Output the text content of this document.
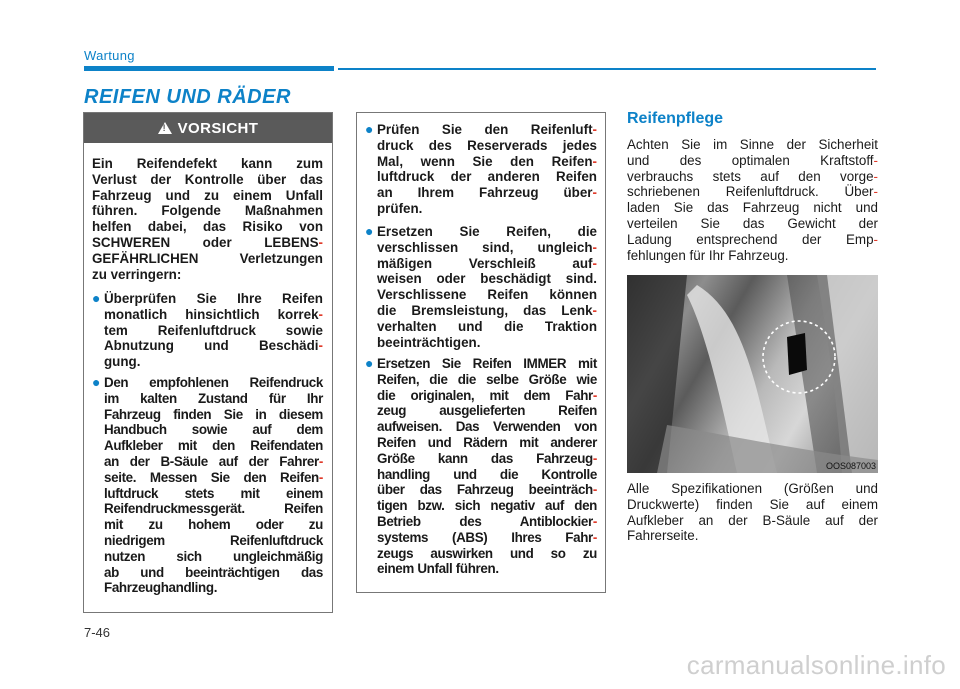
Wartung
REIFEN UND RÄDER
!
VORSICHT
Ein Reifendefekt kann zum
Verlust der Kontrolle über das
Fahrzeug und zu einem Unfall
führen. Folgende Maßnahmen
helfen dabei, das Risiko von
SCHWEREN oder LEBENS-
GEFÄHRLICHEN Verletzungen
zu verringern:
● Überprüfen Sie Ihre Reifen
monatlich hinsichtlich korrek-
tem Reifenluftdruck sowie
Abnutzung und Beschädi-
gung.
● Den empfohlenen Reifendruck
im kalten Zustand für Ihr
Fahrzeug finden Sie in diesem
Handbuch sowie auf dem
Aufkleber mit den Reifendaten
an der B-Säule auf der Fahrer-
seite. Messen Sie den Reifen-
luftdruck stets mit einem
Reifendruckmessgerät. Reifen
mit zu hohem oder zu
niedrigem Reifenluftdruck
nutzen sich ungleichmäßig
ab und beeinträchtigen das
Fahrzeughandling.
● Prüfen Sie den Reifenluft-
druck des Reserverads jedes
Mal, wenn Sie den Reifen-
luftdruck der anderen Reifen
an Ihrem Fahrzeug über-
prüfen.
● Ersetzen Sie Reifen, die
verschlissen sind, ungleich-
mäßigen Verschleiß auf-
weisen oder beschädigt sind.
Verschlissene Reifen können
die Bremsleistung, das Lenk-
verhalten und die Traktion
beeinträchtigen.
● Ersetzen Sie Reifen IMMER mit
Reifen, die die selbe Größe wie
die originalen, mit dem Fahr-
zeug ausgelieferten Reifen
aufweisen. Das Verwenden von
Reifen und Rädern mit anderer
Größe kann das Fahrzeug-
handling und die Kontrolle
über das Fahrzeug beeinträch-
tigen bzw. sich negativ auf den
Betrieb des Antiblockier-
systems (ABS) Ihres Fahr-
zeugs auswirken und so zu
einem Unfall führen.
Reifenpflege
Achten Sie im Sinne der Sicherheit
und des optimalen Kraftstoff-
verbrauchs stets auf den vorge-
schriebenen Reifenluftdruck. Über-
laden Sie das Fahrzeug nicht und
verteilen Sie das Gewicht der
Ladung entsprechend der Emp-
fehlungen für Ihr Fahrzeug.
OOS087003
Alle Spezifikationen (Größen und
Druckwerte) finden Sie auf einem
Aufkleber an der B-Säule auf der
Fahrerseite.
7-46
carmanualsonline.info
